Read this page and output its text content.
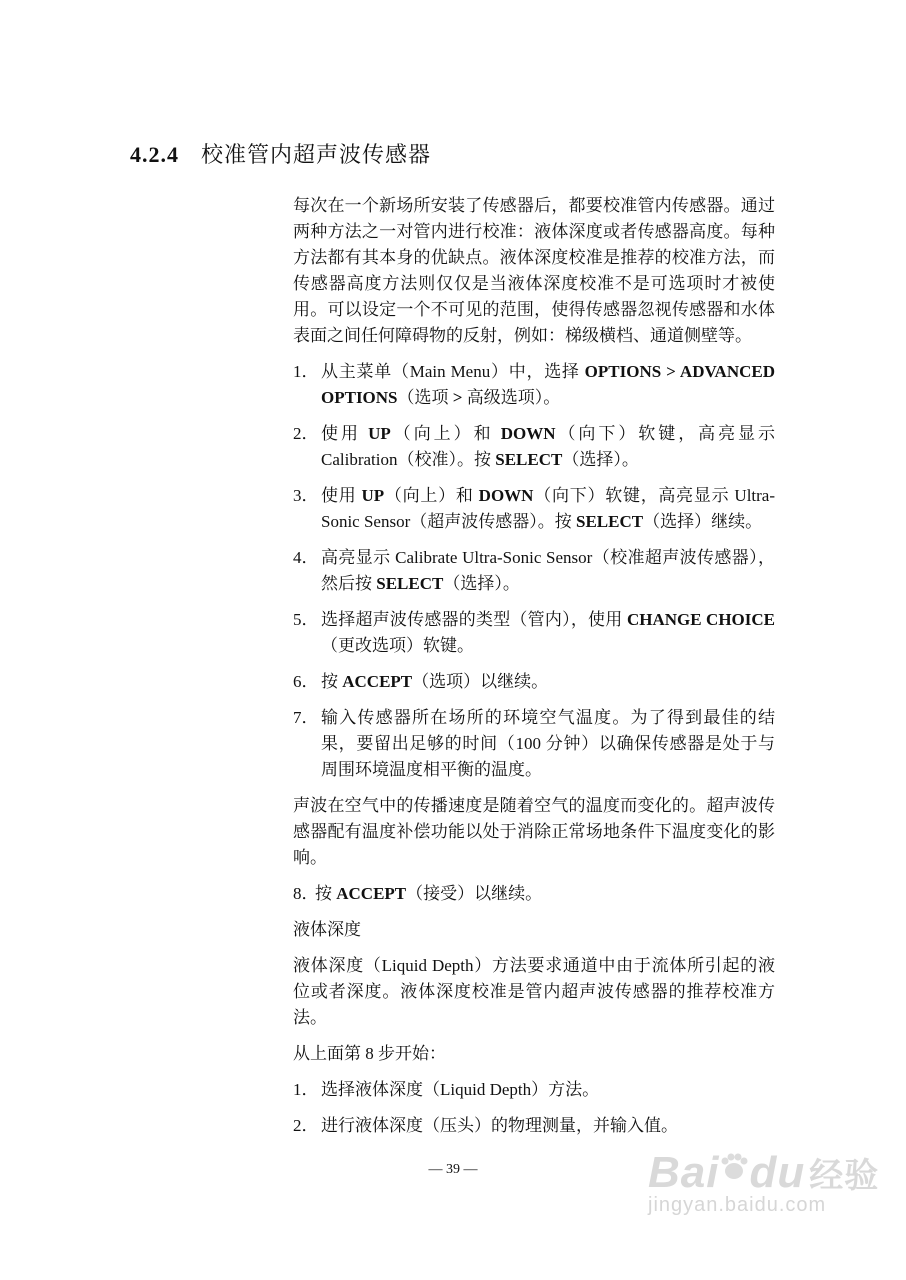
4.2.4 校准管内超声波传感器

每次在一个新场所安装了传感器后，都要校准管内传感器。通过两种方法之一对管内进行校准：液体深度或者传感器高度。每种方法都有其本身的优缺点。液体深度校准是推荐的校准方法，而传感器高度方法则仅仅是当液体深度校准不是可选项时才被使用。可以设定一个不可见的范围，使得传感器忽视传感器和水体表面之间任何障碍物的反射，例如：梯级横档、通道侧壁等。

1． 从主菜单（Main Menu）中，选择 OPTIONS > ADVANCED OPTIONS（选项 > 高级选项）。
2． 使用 UP（向上）和 DOWN（向下）软键，高亮显示 Calibration（校准）。按 SELECT（选择）。
3． 使用 UP（向上）和 DOWN（向下）软键，高亮显示 Ultra-Sonic Sensor（超声波传感器）。按 SELECT（选择）继续。
4． 高亮显示 Calibrate Ultra-Sonic Sensor（校准超声波传感器），然后按 SELECT（选择）。
5． 选择超声波传感器的类型（管内），使用 CHANGE CHOICE（更改选项）软键。
6． 按 ACCEPT（选项）以继续。
7． 输入传感器所在场所的环境空气温度。为了得到最佳的结果，要留出足够的时间（100 分钟）以确保传感器是处于与周围环境温度相平衡的温度。

声波在空气中的传播速度是随着空气的温度而变化的。超声波传感器配有温度补偿功能以处于消除正常场地条件下温度变化的影响。

8．
按 ACCEPT（接受）以继续。

液体深度

液体深度（Liquid Depth）方法要求通道中由于流体所引起的液位或者深度。液体深度校准是管内超声波传感器的推荐校准方法。

从上面第 8 步开始：

1． 选择液体深度（Liquid Depth）方法。
2． 进行液体深度（压头）的物理测量，并输入值。
— 39 —	Bai du 经验
jingyan.baidu.com
